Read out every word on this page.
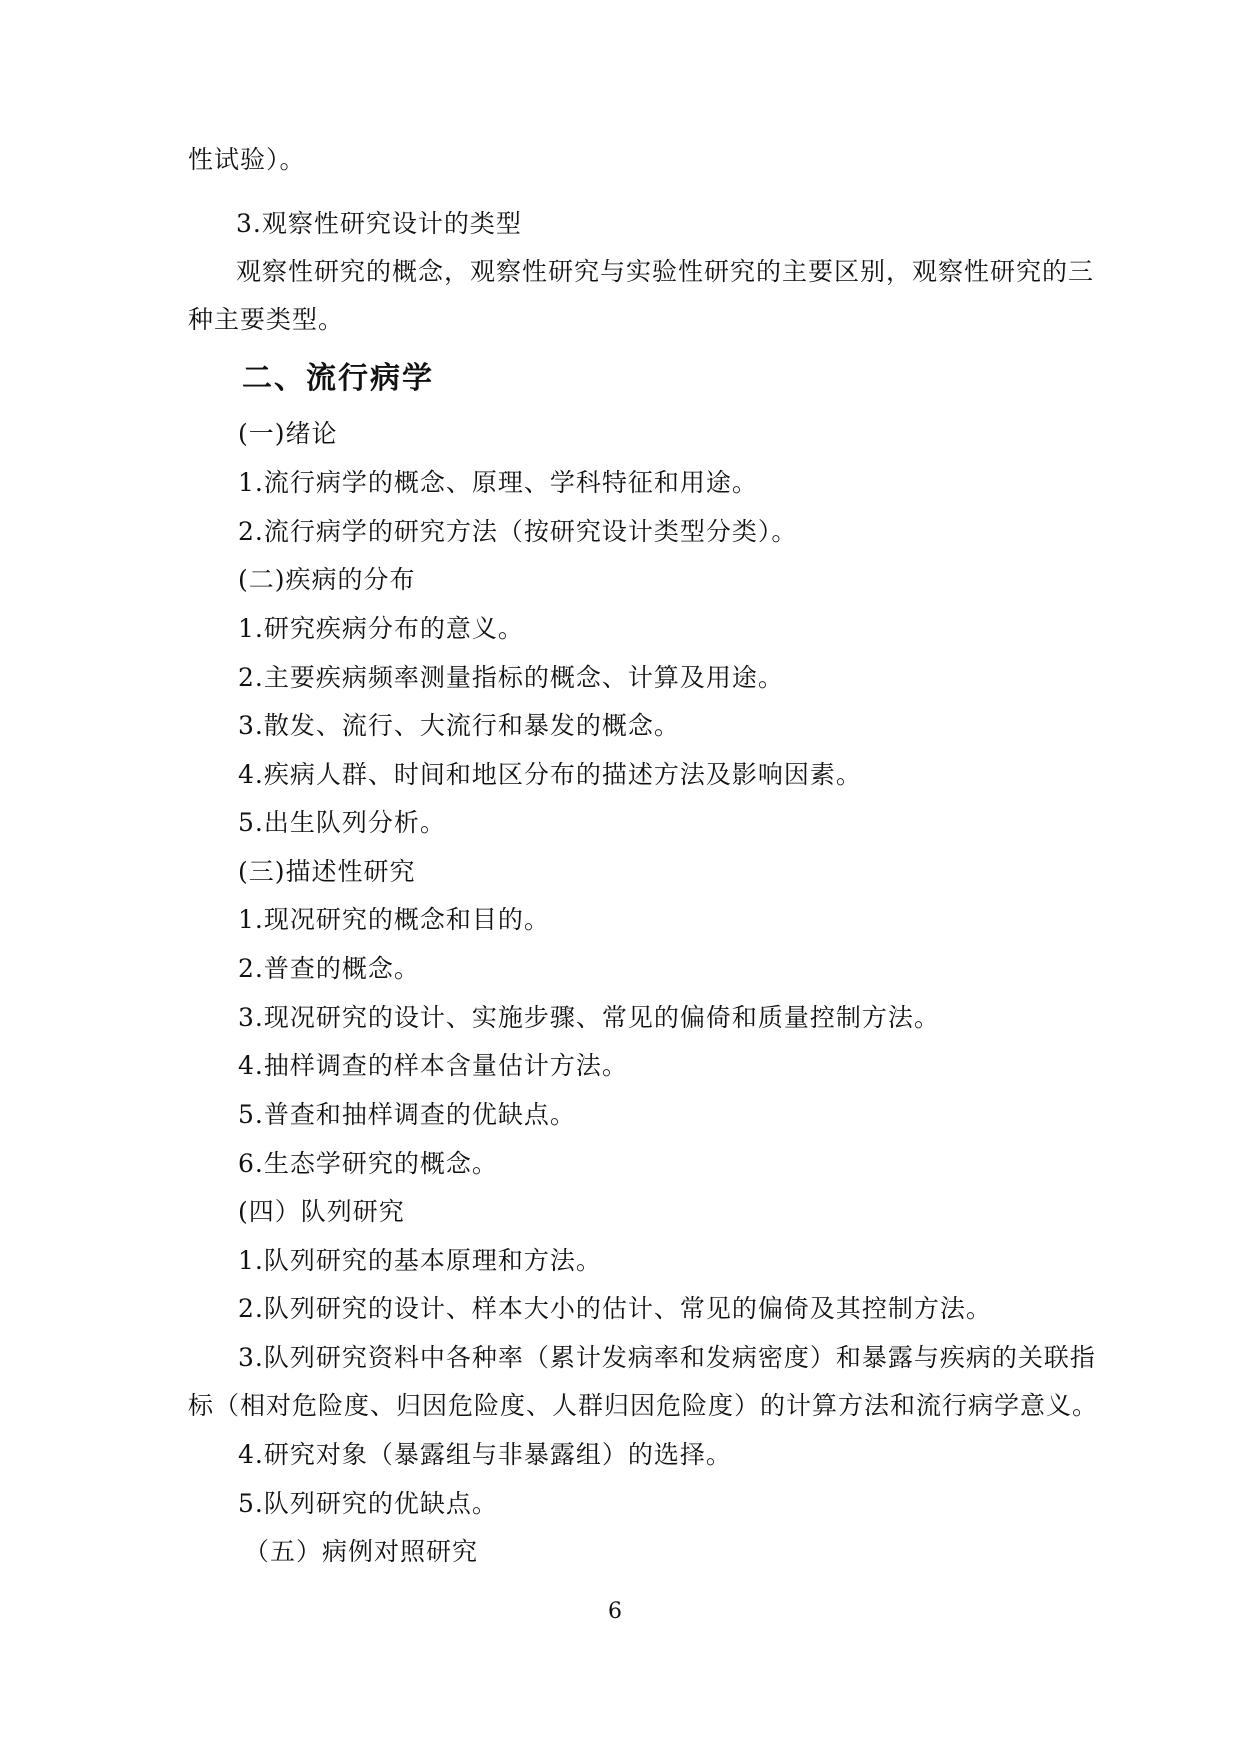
性试验）。
3.观察性研究设计的类型
观察性研究的概念，观察性研究与实验性研究的主要区别，观察性研究的三
种主要类型。
二、流行病学
(一)绪论
1.流行病学的概念、原理、学科特征和用途。
2.流行病学的研究方法（按研究设计类型分类）。
(二)疾病的分布
1.研究疾病分布的意义。
2.主要疾病频率测量指标的概念、计算及用途。
3.散发、流行、大流行和暴发的概念。
4.疾病人群、时间和地区分布的描述方法及影响因素。
5.出生队列分析。
(三)描述性研究
1.现况研究的概念和目的。
2.普查的概念。
3.现况研究的设计、实施步骤、常见的偏倚和质量控制方法。
4.抽样调查的样本含量估计方法。
5.普查和抽样调查的优缺点。
6.生态学研究的概念。
(四）队列研究
1.队列研究的基本原理和方法。
2.队列研究的设计、样本大小的估计、常见的偏倚及其控制方法。
3.队列研究资料中各种率（累计发病率和发病密度）和暴露与疾病的关联指
标（相对危险度、归因危险度、人群归因危险度）的计算方法和流行病学意义。
4.研究对象（暴露组与非暴露组）的选择。
5.队列研究的优缺点。
（五）病例对照研究
6
